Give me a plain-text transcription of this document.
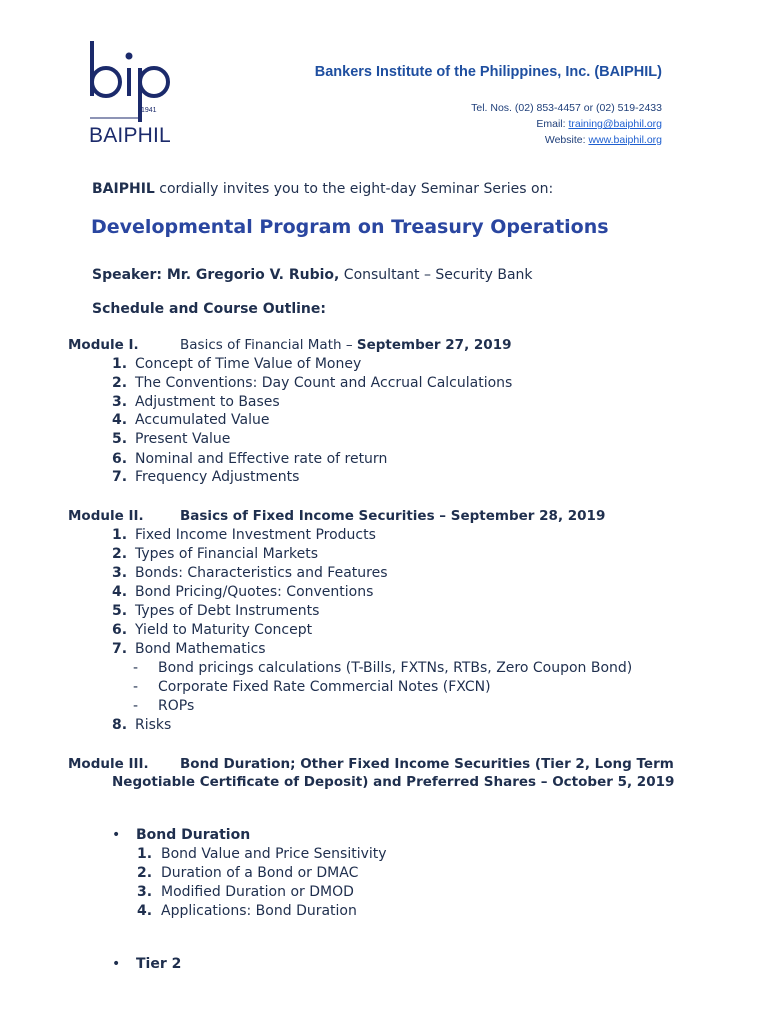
1941
BAIPHIL
Bankers Institute of the Philippines, Inc. (BAIPHIL)
Tel. Nos. (02) 853-4457 or (02) 519-2433
Email: training@baiphil.org
Website: www.baiphil.org
BAIPHIL cordially invites you to the eight-day Seminar Series on:
Developmental Program on Treasury Operations
Speaker: Mr. Gregorio V. Rubio, Consultant – Security Bank
Schedule and Course Outline:
Module I.	Basics of Financial Math – September 27, 2019
1. Concept of Time Value of Money
2. The Conventions: Day Count and Accrual Calculations
3. Adjustment to Bases
4. Accumulated Value
5. Present Value
6. Nominal and Effective rate of return
7. Frequency Adjustments
Module II.	Basics of Fixed Income Securities – September 28, 2019
1. Fixed Income Investment Products
2. Types of Financial Markets
3. Bonds: Characteristics and Features
4. Bond Pricing/Quotes: Conventions
5. Types of Debt Instruments
6. Yield to Maturity Concept
7. Bond Mathematics
- Bond pricings calculations (T-Bills, FXTNs, RTBs, Zero Coupon Bond)
- Corporate Fixed Rate Commercial Notes (FXCN)
- ROPs
8. Risks
Module III. Bond Duration; Other Fixed Income Securities (Tier 2, Long Term
Negotiable Certificate of Deposit) and Preferred Shares – October 5, 2019
• Bond Duration
1. Bond Value and Price Sensitivity
2. Duration of a Bond or DMAC
3. Modified Duration or DMOD
4. Applications: Bond Duration
• Tier 2
